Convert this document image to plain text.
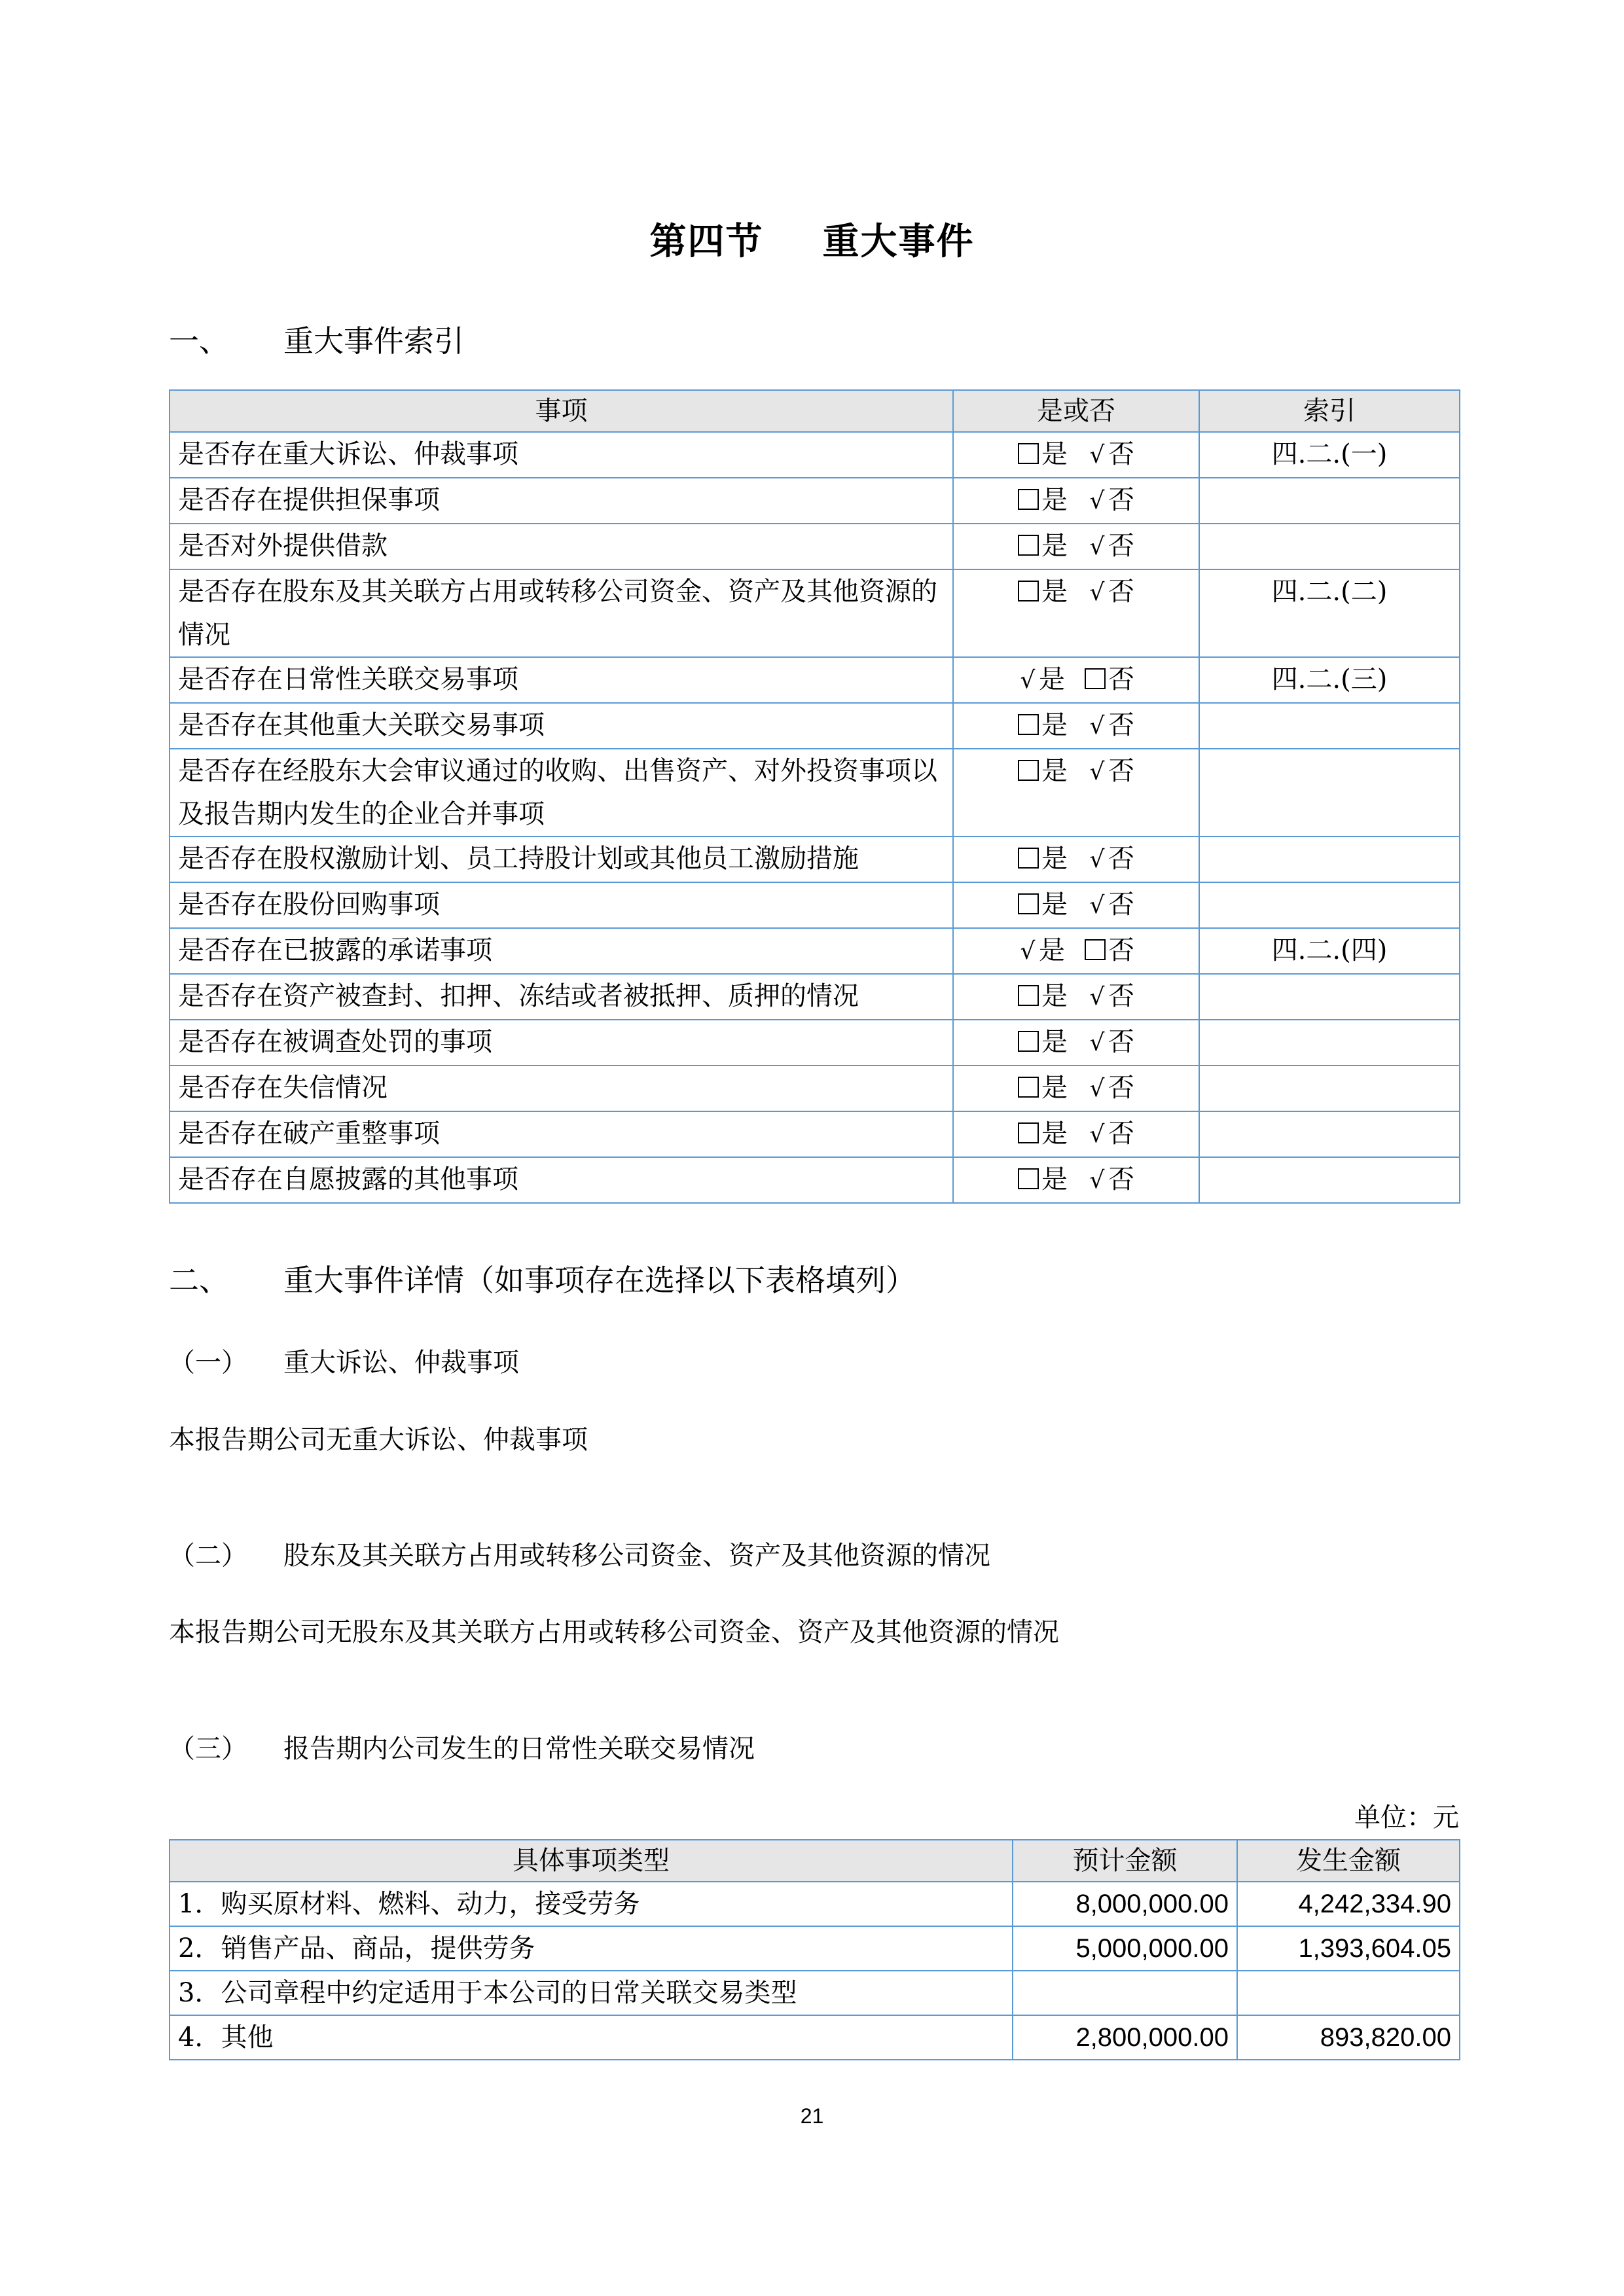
第四节 重大事件
一、 重大事件索引
事项	是或否	索引
是否存在重大诉讼、仲裁事项	是 √ 否	四.二.(一)
是否存在提供担保事项	是 √ 否	
是否对外提供借款	是 √ 否	
是否存在股东及其关联方占用或转移公司资金、资产及其他资源的情况	是 √ 否	四.二.(二)
是否存在日常性关联交易事项	√ 是 否	四.二.(三)
是否存在其他重大关联交易事项	是 √ 否	
是否存在经股东大会审议通过的收购、出售资产、对外投资事项以及报告期内发生的企业合并事项	是 √ 否	
是否存在股权激励计划、员工持股计划或其他员工激励措施	是 √ 否	
是否存在股份回购事项	是 √ 否	
是否存在已披露的承诺事项	√ 是 否	四.二.(四)
是否存在资产被查封、扣押、冻结或者被抵押、质押的情况	是 √ 否	
是否存在被调查处罚的事项	是 √ 否	
是否存在失信情况	是 √ 否	
是否存在破产重整事项	是 √ 否	
是否存在自愿披露的其他事项	是 √ 否	
二、 重大事件详情（如事项存在选择以下表格填列）
（一） 重大诉讼、仲裁事项
本报告期公司无重大诉讼、仲裁事项
（二） 股东及其关联方占用或转移公司资金、资产及其他资源的情况
本报告期公司无股东及其关联方占用或转移公司资金、资产及其他资源的情况
（三） 报告期内公司发生的日常性关联交易情况
单位：元
具体事项类型	预计金额	发生金额
1．购买原材料、燃料、动力，接受劳务	8,000,000.00	4,242,334.90
2．销售产品、商品，提供劳务	5,000,000.00	1,393,604.05
3．公司章程中约定适用于本公司的日常关联交易类型		
4．其他	2,800,000.00	893,820.00
21
